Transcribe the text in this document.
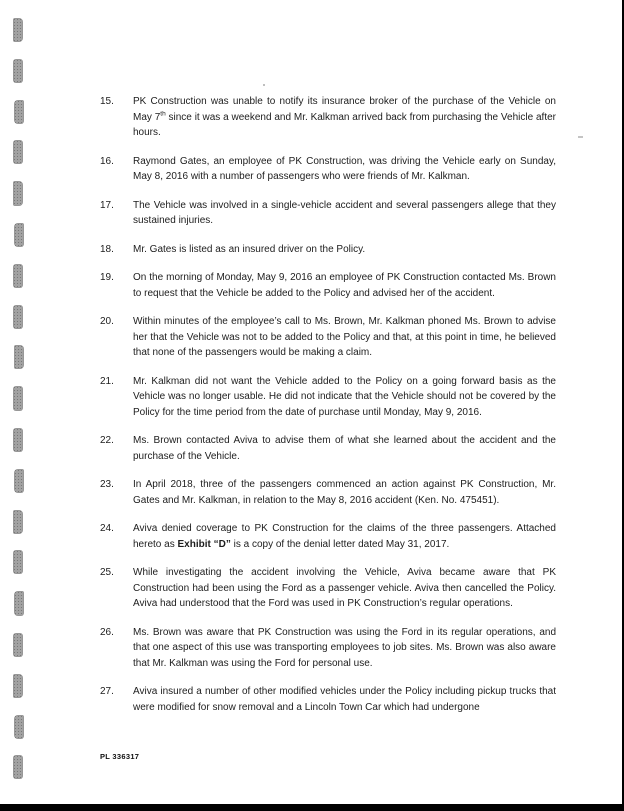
15.	PK Construction was unable to notify its insurance broker of the purchase of the Vehicle on May 7th since it was a weekend and Mr. Kalkman arrived back from purchasing the Vehicle after hours.
16.	Raymond Gates, an employee of PK Construction, was driving the Vehicle early on Sunday, May 8, 2016 with a number of passengers who were friends of Mr. Kalkman.
17.	The Vehicle was involved in a single-vehicle accident and several passengers allege that they sustained injuries.
18.	Mr. Gates is listed as an insured driver on the Policy.
19.	On the morning of Monday, May 9, 2016 an employee of PK Construction contacted Ms. Brown to request that the Vehicle be added to the Policy and advised her of the accident.
20.	Within minutes of the employee’s call to Ms. Brown, Mr. Kalkman phoned Ms. Brown to advise her that the Vehicle was not to be added to the Policy and that, at this point in time, he believed that none of the passengers would be making a claim.
21.	Mr. Kalkman did not want the Vehicle added to the Policy on a going forward basis as the Vehicle was no longer usable. He did not indicate that the Vehicle should not be covered by the Policy for the time period from the date of purchase until Monday, May 9, 2016.
22.	Ms. Brown contacted Aviva to advise them of what she learned about the accident and the purchase of the Vehicle.
23.	In April 2018, three of the passengers commenced an action against PK Construction, Mr. Gates and Mr. Kalkman, in relation to the May 8, 2016 accident (Ken. No. 475451).
24.	Aviva denied coverage to PK Construction for the claims of the three passengers. Attached hereto as Exhibit “D” is a copy of the denial letter dated May 31, 2017.
25.	While investigating the accident involving the Vehicle, Aviva became aware that PK Construction had been using the Ford as a passenger vehicle. Aviva then cancelled the Policy. Aviva had understood that the Ford was used in PK Construction’s regular operations.
26.	Ms. Brown was aware that PK Construction was using the Ford in its regular operations, and that one aspect of this use was transporting employees to job sites. Ms. Brown was also aware that Mr. Kalkman was using the Ford for personal use.
27.	Aviva insured a number of other modified vehicles under the Policy including pickup trucks that were modified for snow removal and a Lincoln Town Car which had undergone
PL 336317
